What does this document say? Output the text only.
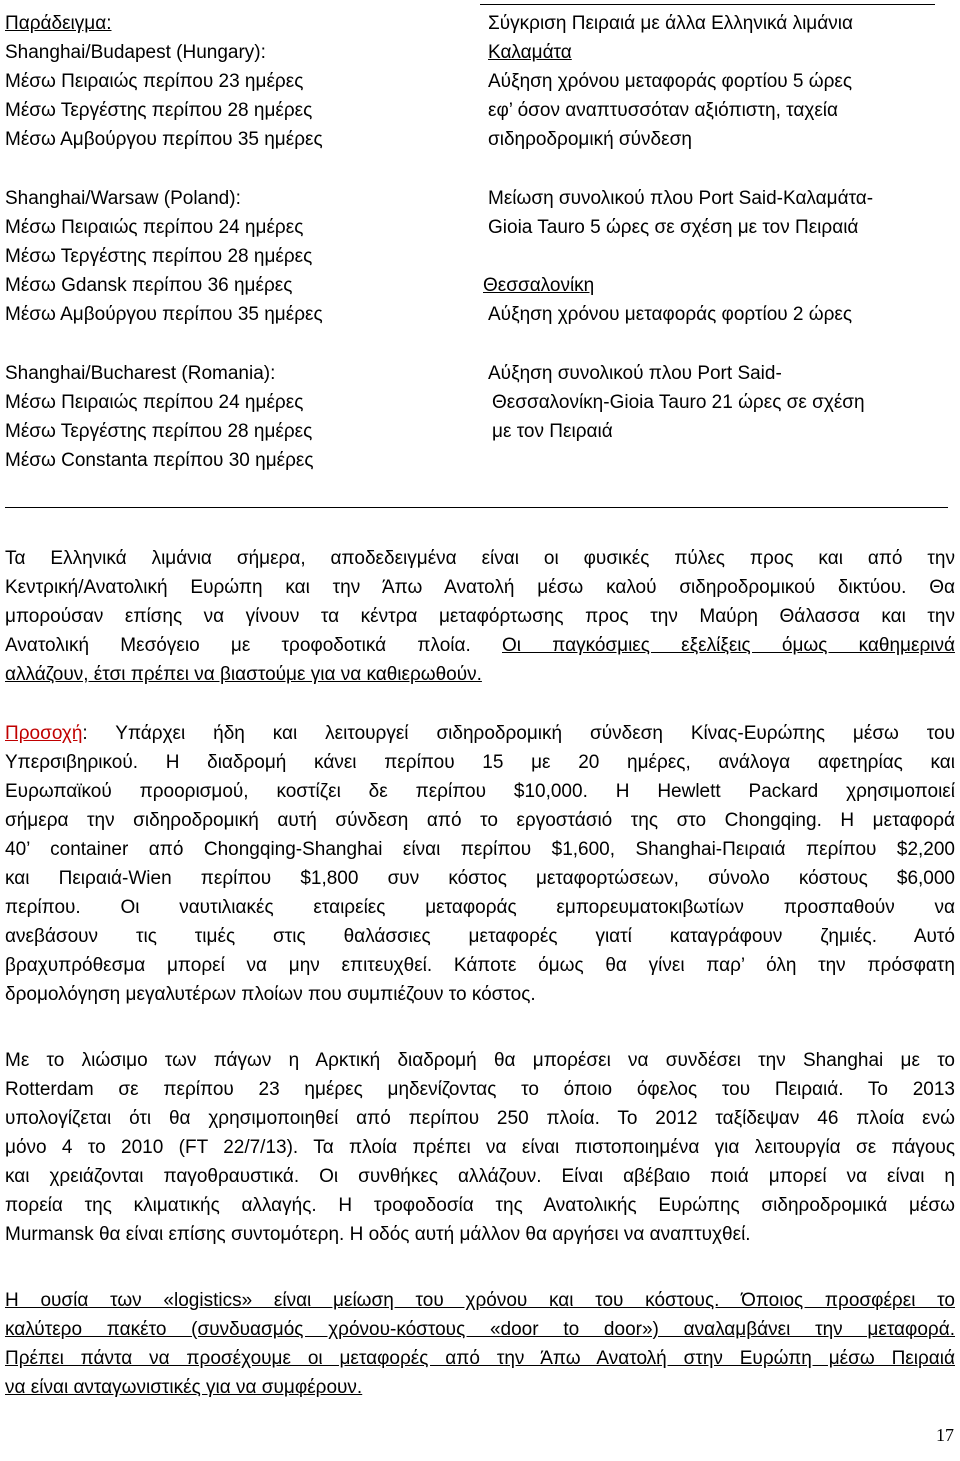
Παράδειγμα:
Shanghai/Budapest (Hungary):
Μέσω Πειραιώς περίπου 23 ημέρες
Μέσω Τεργέστης περίπου 28 ημέρες
Μέσω Αμβούργου περίπου 35 ημέρες
Shanghai/Warsaw (Poland):
Μέσω Πειραιώς περίπου 24 ημέρες
Μέσω Τεργέστης περίπου 28 ημέρες
Μέσω Gdansk περίπου 36 ημέρες
Μέσω Αμβούργου περίπου 35 ημέρες
Shanghai/Bucharest (Romania):
Μέσω Πειραιώς περίπου 24 ημέρες
Μέσω Τεργέστης περίπου 28 ημέρες
Μέσω Constanta περίπου 30 ημέρες
Σύγκριση Πειραιά με άλλα Ελληνικά λιμάνια
Καλαμάτα
Αύξηση χρόνου μεταφοράς φορτίου 5 ώρες
εφ’ όσον αναπτυσσόταν αξιόπιστη, ταχεία
σιδηροδρομική σύνδεση
Μείωση συνολικού πλου Port Said-Καλαμάτα-
Gioia Tauro 5 ώρες σε σχέση με τον Πειραιά
Θεσσαλονίκη
Αύξηση χρόνου μεταφοράς φορτίου 2 ώρες
Αύξηση συνολικού πλου Port Said-
Θεσσαλονίκη-Gioia Tauro 21 ώρες σε σχέση
με τον Πειραιά
Τα Ελληνικά λιμάνια σήμερα, αποδεδειγμένα είναι οι φυσικές πύλες προς και από την
Κεντρική/Ανατολική Ευρώπη και την Άπω Ανατολή μέσω καλού σιδηροδρομικού δικτύου. Θα
μπορούσαν επίσης να γίνουν τα κέντρα μεταφόρτωσης προς την Μαύρη Θάλασσα και την
Ανατολική Μεσόγειο με τροφοδοτικά πλοία. Οι παγκόσμιες εξελίξεις όμως καθημερινά
αλλάζουν, έτσι πρέπει να βιαστούμε για να καθιερωθούν.
Προσοχή: Υπάρχει ήδη και λειτουργεί σιδηροδρομική σύνδεση Κίνας-Ευρώπης μέσω του
Υπερσιβηρικού. Η διαδρομή κάνει περίπου 15 με 20 ημέρες, ανάλογα αφετηρίας και
Ευρωπαϊκού προορισμού, κοστίζει δε περίπου $10,000. Η Hewlett Packard χρησιμοποιεί
σήμερα την σιδηροδρομική αυτή σύνδεση από το εργοστάσιό της στο Chongqing. Η μεταφορά
40’ container από Chongqing-Shanghai είναι περίπου $1,600, Shanghai-Πειραιά περίπου $2,200
και Πειραιά-Wien περίπου $1,800 συν κόστος μεταφορτώσεων, σύνολο κόστους $6,000
περίπου. Οι ναυτιλιακές εταιρείες μεταφοράς εμπορευματοκιβωτίων προσπαθούν να
ανεβάσουν τις τιμές στις θαλάσσιες μεταφορές γιατί καταγράφουν ζημιές. Αυτό
βραχυπρόθεσμα μπορεί να μην επιτευχθεί. Κάποτε όμως θα γίνει παρ’ όλη την πρόσφατη
δρομολόγηση μεγαλυτέρων πλοίων που συμπιέζουν το κόστος.
Με το λιώσιμο των πάγων η Αρκτική διαδρομή θα μπορέσει να συνδέσει την Shanghai με το
Rotterdam σε περίπου 23 ημέρες μηδενίζοντας το όποιο όφελος του Πειραιά. Το 2013
υπολογίζεται ότι θα χρησιμοποιηθεί από περίπου 250 πλοία. Το 2012 ταξίδεψαν 46 πλοία ενώ
μόνο 4 το 2010 (FT 22/7/13). Τα πλοία πρέπει να είναι πιστοποιημένα για λειτουργία σε πάγους
και χρειάζονται παγοθραυστικά. Οι συνθήκες αλλάζουν. Είναι αβέβαιο ποιά μπορεί να είναι η
πορεία της κλιματικής αλλαγής. Η τροφοδοσία της Ανατολικής Ευρώπης σιδηροδρομικά μέσω
Murmansk θα είναι επίσης συντομότερη. Η οδός αυτή μάλλον θα αργήσει να αναπτυχθεί.
Η ουσία των «logistics» είναι μείωση του χρόνου και του κόστους. Όποιος προσφέρει το
καλύτερο πακέτο (συνδυασμός χρόνου-κόστους «door to door») αναλαμβάνει την μεταφορά.
Πρέπει πάντα να προσέχουμε οι μεταφορές από την Άπω Ανατολή στην Ευρώπη μέσω Πειραιά
να είναι ανταγωνιστικές για να συμφέρουν.
17
